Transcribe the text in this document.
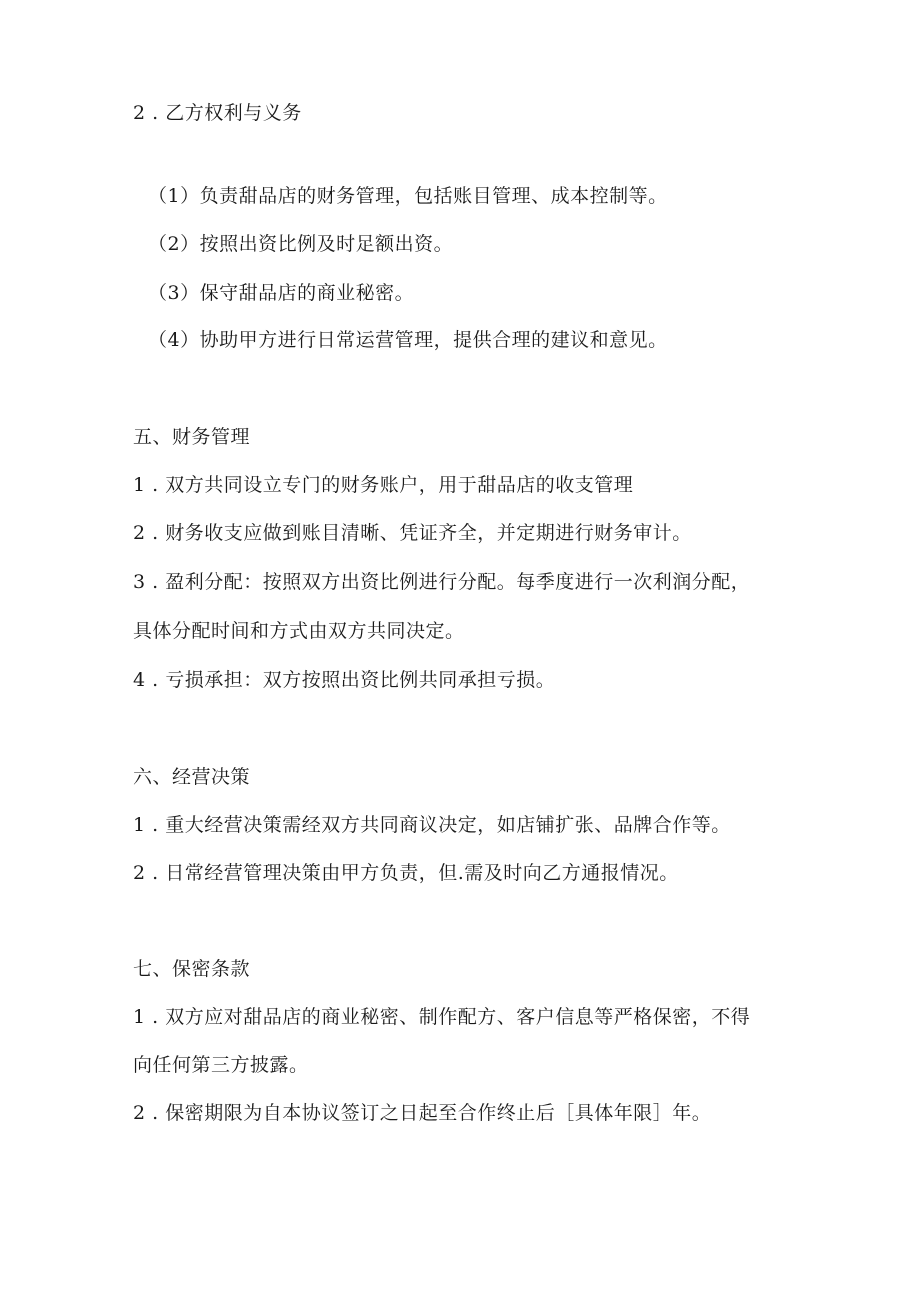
2 . 乙方权利与义务
（1）负责甜品店的财务管理，包括账目管理、成本控制等。
（2）按照出资比例及时足额出资。
（3）保守甜品店的商业秘密。
（4）协助甲方进行日常运营管理，提供合理的建议和意见。
五、财务管理
1 . 双方共同设立专门的财务账户，用于甜品店的收支管理
2 . 财务收支应做到账目清晰、凭证齐全，并定期进行财务审计。
3 . 盈利分配：按照双方出资比例进行分配。每季度进行一次利润分配，
具体分配时间和方式由双方共同决定。
4 . 亏损承担：双方按照出资比例共同承担亏损。
六、经营决策
1 . 重大经营决策需经双方共同商议决定，如店铺扩张、品牌合作等。
2 . 日常经营管理决策由甲方负责，但.需及时向乙方通报情况。
七、保密条款
1 . 双方应对甜品店的商业秘密、制作配方、客户信息等严格保密，不得
向任何第三方披露。
2 . 保密期限为自本协议签订之日起至合作终止后［具体年限］年。
